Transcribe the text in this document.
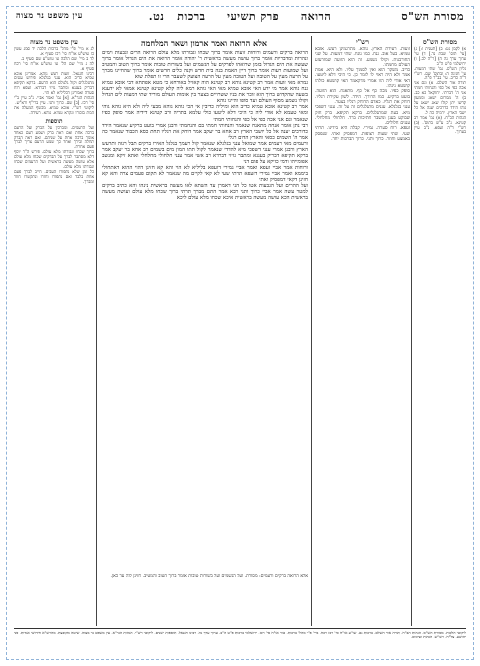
מסורת הש"ס
הרואה     פרק תשיעי     ברכות   נט.
עין משפט נר מצוה
מסורת הש"ס

א) לקמן נט: ב) [תענית ו:] ג) [עי' תוס' שבת נד.] ד) עי' ערוך ערך גה ה) [ר"ה לב.] ו) ירושלמי פ"ט ה"ב

גליון הש"ס. גמ' שתי דמעות. עי' חגיגה ה: ובתוס' שם. רש"י ד"ה כדיב. עי' בב"ר פ"ה.

תורה אור השלם. א) וגם אני אכה כפי אל כפי והנחותי חמתי אני ה' דברתי. יחזקאל כא כב. ב) ה' ממרום ישאג וממעון קדשו יתן קולו שאג ישאג על נוהו הידד כדרכים יענה אל כל ישבי הארץ. ירמיה כה ל.

הגהות הב"ח. (א) גמ' אמר רב קטינא. נ"ב ע"ש בתוס'. (ב) רש"י ד"ה זעפא. נ"ב עיין בערוך.

רש"י

זועות. רעידת הארץ. גוהא. מתרגמינן רעש. אובא טמיא. בעל אוב. גנח. כמו גונח. שתי דמעות. על שני החורבנות. וקולו נשמע. זה הוא הזועה שמזדעזע העולם מחמתו.

כדיב. משקר הוא ואין לסמוך עליו. ולא היא. אמת אמר ולא היה ראוי לו לומר כן. כי היכי דלא ליטעו. דאי אודי ליה הוו אמרי מדקאמר האי קושטא כולהו קושטא נינהו.

סופק כפיו. מכה כף אל כף. מתאנח. הוא הזועה. בועט ברקיע. כמו הדורך. הידד. לשון עקירת רגליו. דוחק את רגליו. כאדם הדוחק רגליו בצער.

ענני בגלגלא. עננים מתגלגלים זה על זה. ענני דשפכי מיא. בעת שמתגלגלים. ברקא תקיפא. ברק חזק שבוקע בענן ומשבר חתיכות ברד. חלחולי מחלחלי. עננים חלולים.

זעפא. רוח סערה. גמירי. קבלה היא בידינו. תרתי שעי. שתי שעות רצופות. דמפסיק ואתי. שנפסק באמצע וחוזר. כרוך ותני. כרוך הברכות יחד.

אלא הרואה ואמר ארמון ושאר המלחמה

הרואה ברקים ורעמים ורוחות זועות אומר ברוך שכחו וגבורתו מלא עולם הרואה הרים וגבעות וימים ונהרות ומדבריות אומר ברוך עושה מעשה בראשית ר' יהודה אומר הרואה את הים הגדול אומר ברוך שעשה את הים הגדול בזמן שרואהו לפרקים על הגשמים ועל בשורות טובות אומר ברוך הטוב והמטיב ועל שמועות רעות אומר ברוך דיין האמת בנה בית חדש וקנה כלים חדשים אומר ברוך שהחיינו מברך על הרעה מעין על הטובה ועל הטובה מעין על הרעה הצועק לשעבר הרי זו תפלת שוא

גמרא מאי זועות אמר רב קטינא גוהא רב קטינא הוה קאזיל באורחא כי מטא אפתחא דבי אובא טמיא גנח גוהא אמר מי ידע האי אובא טמיא מאי האי גוהא רמא ליה קלא קטינא קטינא אמאי לא ידענא בשעה שהקדוש ברוך הוא זוכר את בניו ששרויים בצער בין אומות העולם מוריד שתי דמעות לים הגדול וקולו נשמע מסוף העולם ועד סופו והיינו גוהא

אמר רב קטינא אובא טמיא כדיב הוא ומיליה כדיבין אי הכי גוהא גוהא מבעי ליה ולא היא גוהא גוהי ומאי טעמא לא אודי ליה כי היכי דלא ליטעו כולי עלמא בתריה ורב קטינא דידיה אמר סופק כפיו שנאמר וגם אני אכה כפי אל כפי והנחותי חמתי

רבי נתן אומר אנחה מתאנח שנאמר והנחותי חמתי בם והנחמתי ורבנן אמרי בועט ברקיע שנאמר הידד כדורכים יענה אל כל יושבי הארץ רב אחא בר יעקב אמר דוחק את רגליו תחת כסא הכבוד שנאמר כה אמר ה' השמים כסאי והארץ הדום רגלי

ורעמים מאי רעמים אמר שמואל ענני בגלגלא שנאמר קול רעמך בגלגל האירו ברקים תבל רגזה ותרעש הארץ ורבנן אמרי ענני דשפכי מיא להדדי שנאמר לקול תתו המון מים בשמים רב אחא בר יעקב אמר ברקא תקיפא דבריק בעננא ומתבר גזיזי דברדא רב אשי אמר ענני חלחולי מחלחלי ואתא זיקא ומנשב אפומייהו ודמי כזיקא על פום דני

ורוחות אמר אביי זעפא ואמר אביי גמירי דזעפא בליליא לא הוי והא קא חזינן דהוי ההוא דאתחולי ביממא ואמר אביי גמירי דזעפא תרתי שעי לא קאי לקיים מה שנאמר לא תקום פעמים צרה והא קא חזינן דקאי דמפסיק ואתי

ועל ההרים ועל הגבעות אטו כל הני דאמרן עד השתא לאו מעשה בראשית נינהו והא כתיב ברקים למטר עשה אמר אביי כרוך ותני רבא אמר התם מברך תרתי ברוך שכחו מלא עולם ועושה מעשה בראשית הכא עושה מעשה בראשית איכא שכחו מלא עולם ליכא

אלא הרואה ברקים ורעמים: מסורת. ועל הגשמים ועל בשורות טובות אומר ברוך הטוב והמטיב. חזינן לוה עד כאן.
עין משפט נר מצוה

לג א מיי' פ"י מהל' ברכות הלכה יד סמג עשין כז טוש"ע או"ח סי' רכז סעיף א.

לד ב מיי' שם הלכה טו טוש"ע שם סעיף ב.

לה ג מיי' שם הל' טו טוש"ע או"ח סי' רכח סעיף א.

רבינו חננאל. זועות רעש גוהא. אמרינן אובא טמיא כדיב הוא. ענני בגלגלא פירוש עננים מתגלגלים וקול גלגולם הוא הרעם. ברקא תקיפא דבריק בעננא ומתבר גזיזי דברדא. זעפא רוח סערה ואמרינן דבליליא לא הוי.

הגהות הגר"א. [א] גמ' ואמר אביי. נ"ב עיין ב"י סי' רכז. [ב] שם. כרוך ותני. עיין ברי"ף ורא"ש.

ליקוטי רש"י. אובא טמיא. מכשף המעלה את המת בזכורו ונקרא טמיא. גוהא. רעידה.

תוספות

ועל הרעמים. ומברכין על הברק ועל הרעם ברכה אחת ואם ראה ברק ושמע רעם כאחד אומר ברכה אחת על שניהם. ואם ראה הברק תחלה ובירך ואחר כך שמע הרעם צריך לברך פעם אחרת.

ברוך שכחו וגבורתו מלא עולם. פירש ה"ר יוסף דלא מסתבר לברך על הברקים שכחו מלא עולם אלא עושה מעשה בראשית ועל הרעמים שכחו וגבורתו מלא עולם.

כל זמן שלא נתפזרו העבים. חייב לברך פעם אחת בלבד ואם נתפזרו וחזרו ונתקשרו חוזר ומברך.

ליקוטי הלכות. מסורת הש"ס. הגהות הב"ח. תורה אור השלם. ברכות נט. שו"ע או"ח סי' רכז רכח. מיי' פ"י מהל' ברכות. טור או"ח סי' רכז. ירושלמי ברכות פ"ט ה"ב. ערוך ערך גה. רבינו חננאל. תוספות ישנים. ליקוטי רש"י. הגהות הגר"א. עין משפט נר מצוה. שיטה מקובצת. מהרש"א חידושי אגדות. פני יהושע. צל"ח. רש"ש. הגהות וציונים.
